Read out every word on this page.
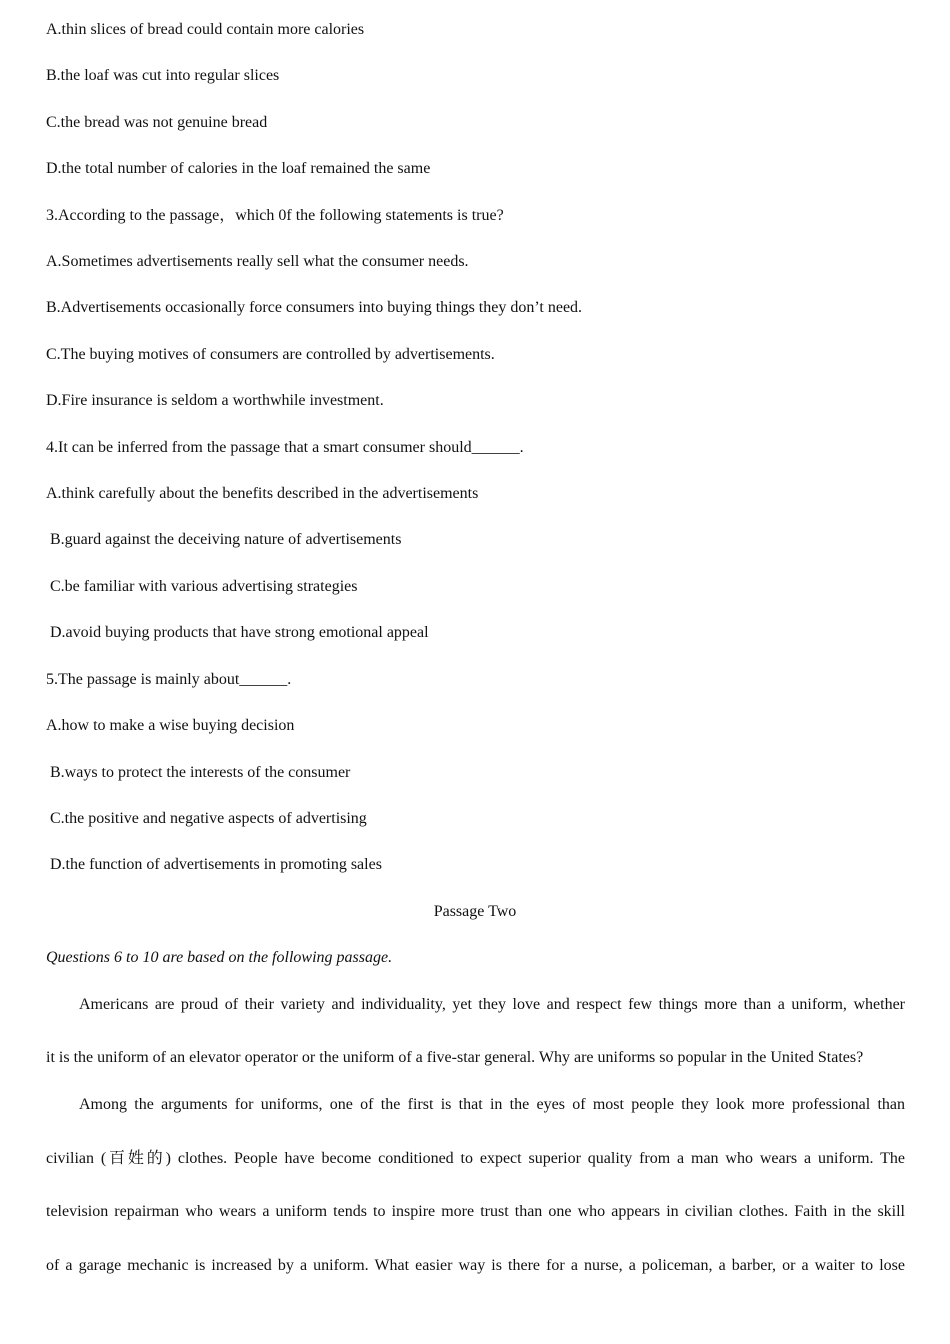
A.thin slices of bread could contain more calories
B.the loaf was cut into regular slices
C.the bread was not genuine bread
D.the total number of calories in the loaf remained the same
3.According to the passage，which 0f the following statements is true?
A.Sometimes advertisements really sell what the consumer needs.
B.Advertisements occasionally force consumers into buying things they don’t need.
C.The buying motives of consumers are controlled by advertisements.
D.Fire insurance is seldom a worthwhile investment.
4.It can be inferred from the passage that a smart consumer should______.
A.think carefully about the benefits described in the advertisements
B.guard against the deceiving nature of advertisements
C.be familiar with various advertising strategies
D.avoid buying products that have strong emotional appeal
5.The passage is mainly about______.
A.how to make a wise buying decision
B.ways to protect the interests of the consumer
C.the positive and negative aspects of advertising
D.the function of advertisements in promoting sales
Passage Two
Questions 6 to 10 are based on the following passage.
Americans are proud of their variety and individuality, yet they love and respect few things more than a uniform, whether
it is the uniform of an elevator operator or the uniform of a five-star general. Why are uniforms so popular in the United States?
Among the arguments for uniforms, one of the first is that in the eyes of most people they look more professional than
civilian (百姓的) clothes. People have become conditioned to expect superior quality from a man who wears a uniform. The
television repairman who wears a uniform tends to inspire more trust than one who appears in civilian clothes. Faith in the skill
of a garage mechanic is increased by a uniform. What easier way is there for a nurse, a policeman, a barber, or a waiter to lose
